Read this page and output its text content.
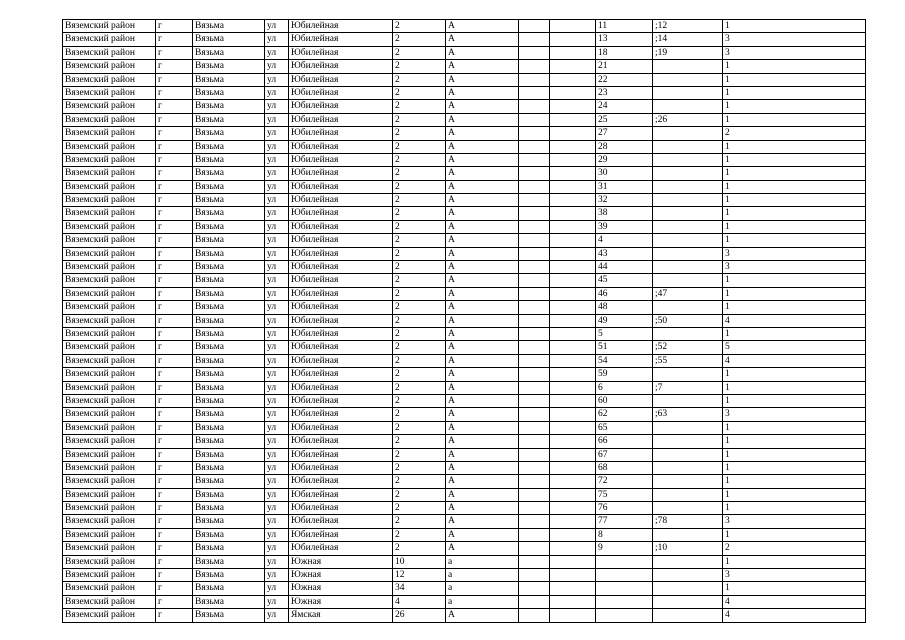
Вяземский район	г	Вязьма	ул	Юбилейная	2	А			11	;12	1
Вяземский район	г	Вязьма	ул	Юбилейная	2	А			13	;14	3
Вяземский район	г	Вязьма	ул	Юбилейная	2	А			18	;19	3
Вяземский район	г	Вязьма	ул	Юбилейная	2	А			21		1
Вяземский район	г	Вязьма	ул	Юбилейная	2	А			22		1
Вяземский район	г	Вязьма	ул	Юбилейная	2	А			23		1
Вяземский район	г	Вязьма	ул	Юбилейная	2	А			24		1
Вяземский район	г	Вязьма	ул	Юбилейная	2	А			25	;26	1
Вяземский район	г	Вязьма	ул	Юбилейная	2	А			27		2
Вяземский район	г	Вязьма	ул	Юбилейная	2	А			28		1
Вяземский район	г	Вязьма	ул	Юбилейная	2	А			29		1
Вяземский район	г	Вязьма	ул	Юбилейная	2	А			30		1
Вяземский район	г	Вязьма	ул	Юбилейная	2	А			31		1
Вяземский район	г	Вязьма	ул	Юбилейная	2	А			32		1
Вяземский район	г	Вязьма	ул	Юбилейная	2	А			38		1
Вяземский район	г	Вязьма	ул	Юбилейная	2	А			39		1
Вяземский район	г	Вязьма	ул	Юбилейная	2	А			4		1
Вяземский район	г	Вязьма	ул	Юбилейная	2	А			43		3
Вяземский район	г	Вязьма	ул	Юбилейная	2	А			44		3
Вяземский район	г	Вязьма	ул	Юбилейная	2	А			45		1
Вяземский район	г	Вязьма	ул	Юбилейная	2	А			46	;47	1
Вяземский район	г	Вязьма	ул	Юбилейная	2	А			48		1
Вяземский район	г	Вязьма	ул	Юбилейная	2	А			49	;50	4
Вяземский район	г	Вязьма	ул	Юбилейная	2	А			5		1
Вяземский район	г	Вязьма	ул	Юбилейная	2	А			51	;52	5
Вяземский район	г	Вязьма	ул	Юбилейная	2	А			54	;55	4
Вяземский район	г	Вязьма	ул	Юбилейная	2	А			59		1
Вяземский район	г	Вязьма	ул	Юбилейная	2	А			6	;7	1
Вяземский район	г	Вязьма	ул	Юбилейная	2	А			60		1
Вяземский район	г	Вязьма	ул	Юбилейная	2	А			62	;63	3
Вяземский район	г	Вязьма	ул	Юбилейная	2	А			65		1
Вяземский район	г	Вязьма	ул	Юбилейная	2	А			66		1
Вяземский район	г	Вязьма	ул	Юбилейная	2	А			67		1
Вяземский район	г	Вязьма	ул	Юбилейная	2	А			68		1
Вяземский район	г	Вязьма	ул	Юбилейная	2	А			72		1
Вяземский район	г	Вязьма	ул	Юбилейная	2	А			75		1
Вяземский район	г	Вязьма	ул	Юбилейная	2	А			76		1
Вяземский район	г	Вязьма	ул	Юбилейная	2	А			77	;78	3
Вяземский район	г	Вязьма	ул	Юбилейная	2	А			8		1
Вяземский район	г	Вязьма	ул	Юбилейная	2	А			9	;10	2
Вяземский район	г	Вязьма	ул	Южная	10	а					1
Вяземский район	г	Вязьма	ул	Южная	12	а					3
Вяземский район	г	Вязьма	ул	Южная	34	а					1
Вяземский район	г	Вязьма	ул	Южная	4	а					4
Вяземский район	г	Вязьма	ул	Ямская	26	А					4
